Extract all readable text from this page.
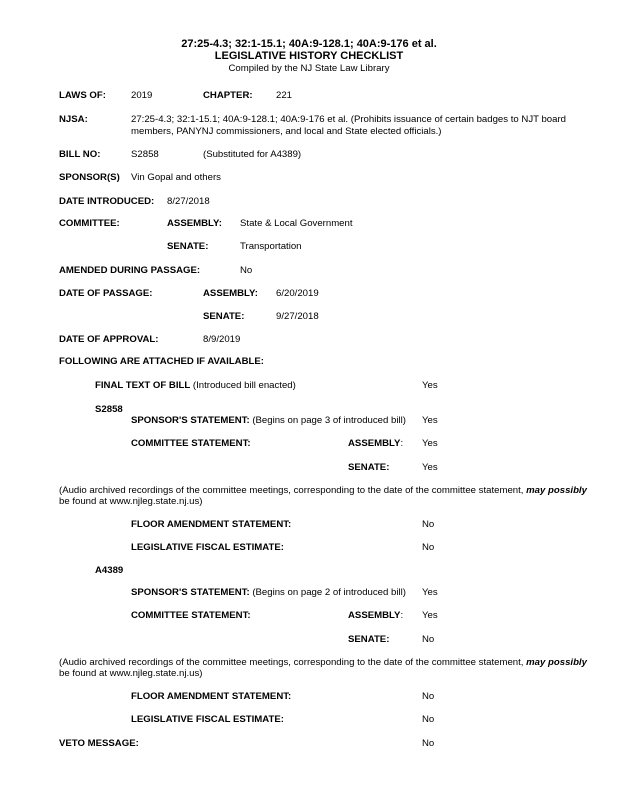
27:25-4.3; 32:1-15.1; 40A:9-128.1; 40A:9-176 et al.
LEGISLATIVE HISTORY CHECKLIST
Compiled by the NJ State Law Library
LAWS OF:	2019	CHAPTER: 221
NJSA:	27:25-4.3; 32:1-15.1; 40A:9-128.1; 40A:9-176 et al. (Prohibits issuance of certain badges to NJT board
members, PANYNJ commissioners, and local and State elected officials.)
BILL NO:	S2858	(Substituted for A4389)
SPONSOR(S) Vin Gopal and others
DATE INTRODUCED: 8/27/2018
COMMITTEE:	ASSEMBLY: State & Local Government
SENATE:	Transportation
AMENDED DURING PASSAGE:	No
DATE OF PASSAGE:	ASSEMBLY: 6/20/2019
SENATE:	9/27/2018
DATE OF APPROVAL:	8/9/2019
FOLLOWING ARE ATTACHED IF AVAILABLE:
FINAL TEXT OF BILL (Introduced bill enacted)	Yes
S2858
SPONSOR'S STATEMENT: (Begins on page 3 of introduced bill) Yes
COMMITTEE STATEMENT:	ASSEMBLY: Yes
SENATE:	Yes
(Audio archived recordings of the committee meetings, corresponding to the date of the committee statement, may possibly
be found at www.njleg.state.nj.us)
FLOOR AMENDMENT STATEMENT:	No
LEGISLATIVE FISCAL ESTIMATE:	No
A4389
SPONSOR'S STATEMENT: (Begins on page 2 of introduced bill) Yes
COMMITTEE STATEMENT:	ASSEMBLY: Yes
SENATE:	No
(Audio archived recordings of the committee meetings, corresponding to the date of the committee statement, may possibly
be found at www.njleg.state.nj.us)
FLOOR AMENDMENT STATEMENT:	No
LEGISLATIVE FISCAL ESTIMATE:	No
VETO MESSAGE:	No
